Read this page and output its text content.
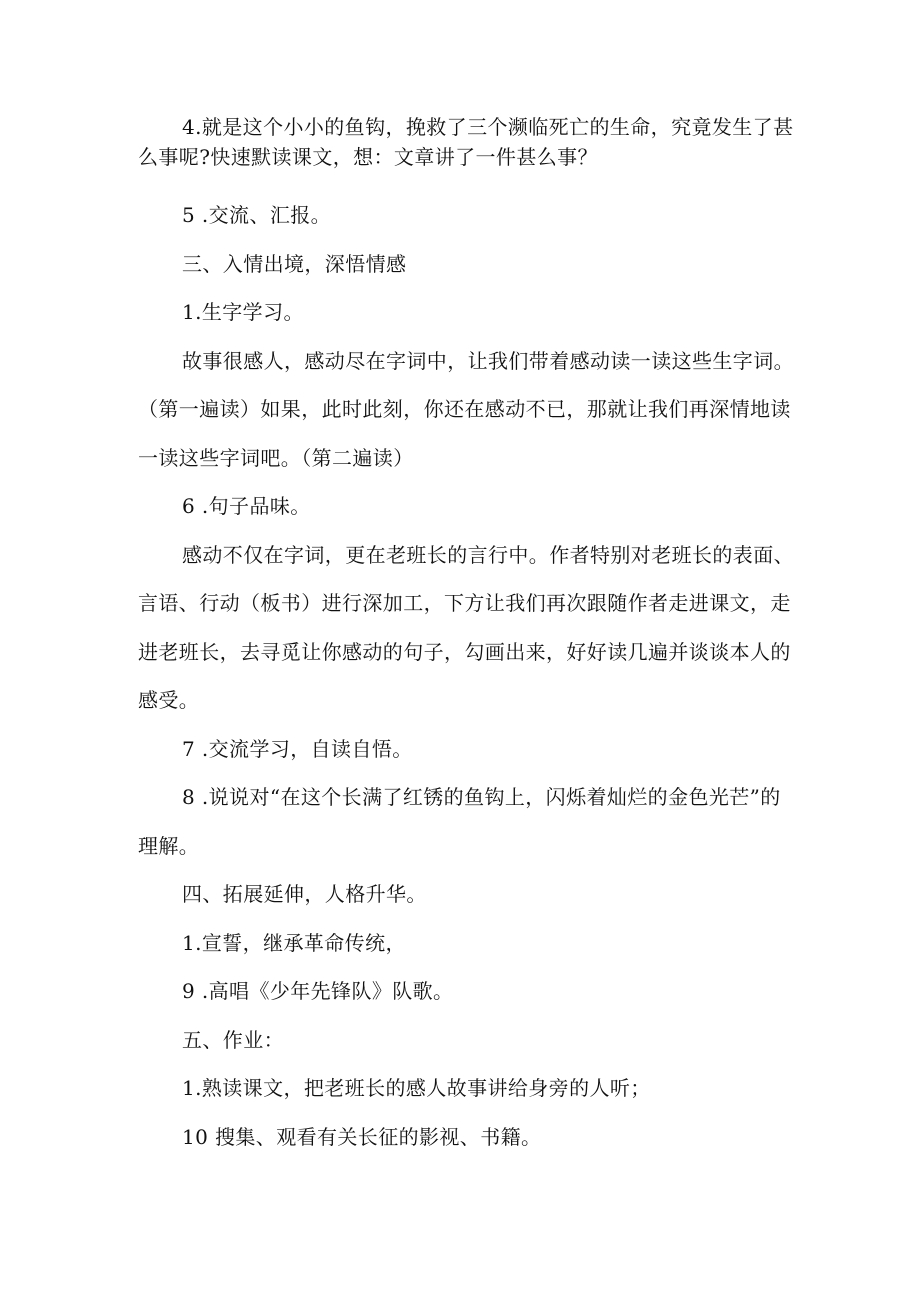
4.就是这个小小的鱼钩，挽救了三个濒临死亡的生命，究竟发生了甚么事呢?快速默读课文，想：文章讲了一件甚么事？

5 .交流、汇报。

三、入情出境，深悟情感

1.生字学习。

故事很感人，感动尽在字词中，让我们带着感动读一读这些生字词。（第一遍读）如果，此时此刻，你还在感动不已，那就让我们再深情地读一读这些字词吧。（第二遍读）

6 .句子品味。

感动不仅在字词，更在老班长的言行中。作者特别对老班长的表面、言语、行动（板书）进行深加工，下方让我们再次跟随作者走进课文，走进老班长，去寻觅让你感动的句子，勾画出来，好好读几遍并谈谈本人的感受。

7 .交流学习，自读自悟。

8 .说说对“在这个长满了红锈的鱼钩上，闪烁着灿烂的金色光芒”的理解。

四、拓展延伸，人格升华。

1.宣誓，继承革命传统，

9 .高唱《少年先锋队》队歌。

五、作业：

1.熟读课文，把老班长的感人故事讲给身旁的人听；

10 搜集、观看有关长征的影视、书籍。
